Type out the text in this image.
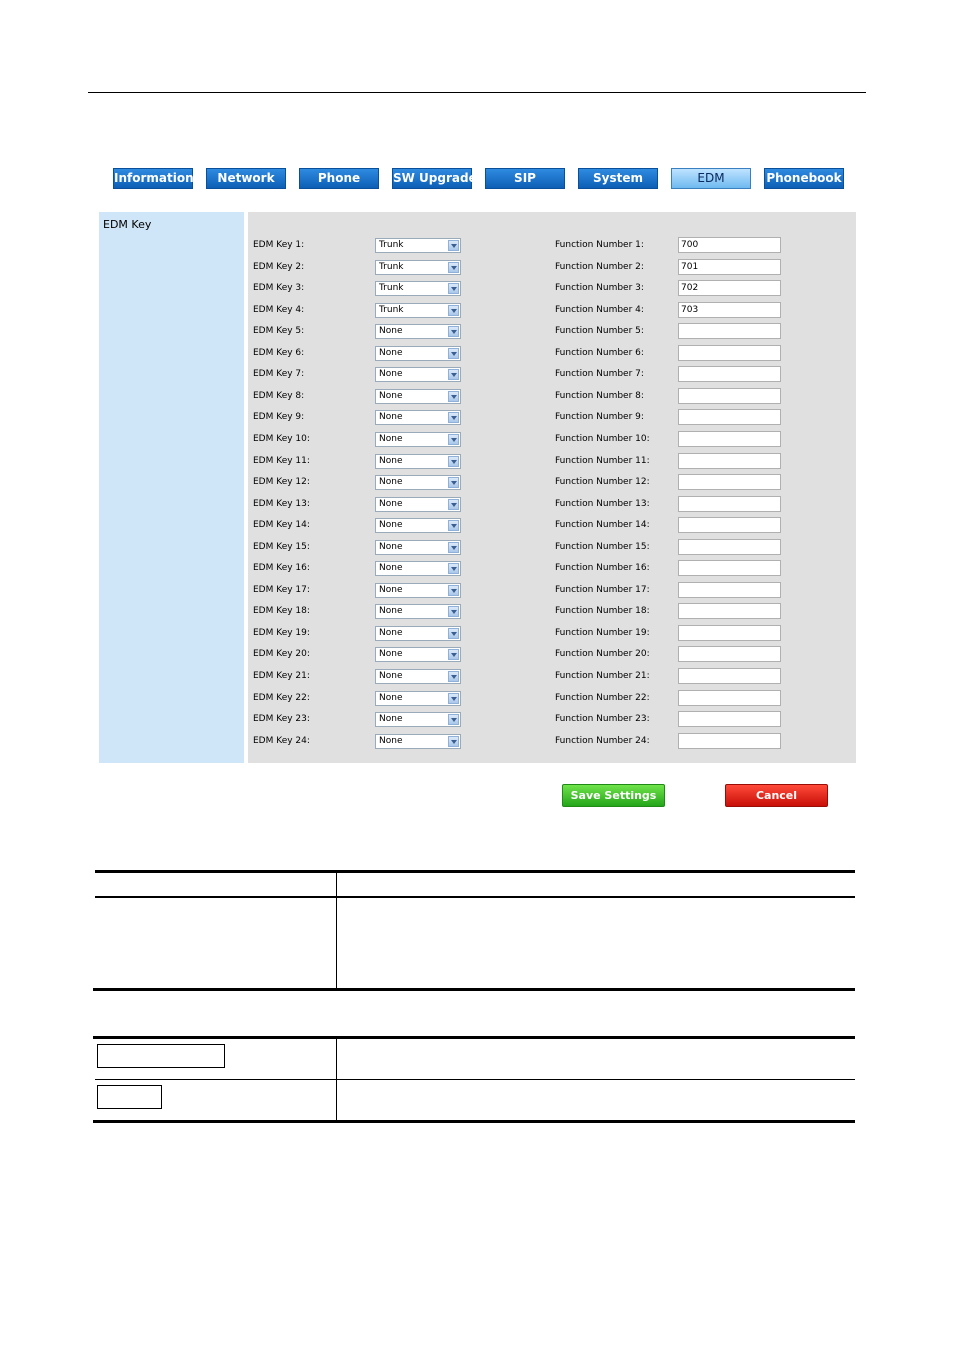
Information	Network	Phone	SW Upgrade	SIP	System	EDM	Phonebook
EDM Key
EDM Key 1:	Trunk	Function Number 1:
700
EDM Key 2:	Trunk	Function Number 2:
701
EDM Key 3:	Trunk	Function Number 3:
702
EDM Key 4:	Trunk	Function Number 4:
703
EDM Key 5:	None	Function Number 5:
EDM Key 6:	None	Function Number 6:
EDM Key 7:	None	Function Number 7:
EDM Key 8:	None	Function Number 8:
EDM Key 9:	None	Function Number 9:
EDM Key 10:	None	Function Number 10:
EDM Key 11:	None	Function Number 11:
EDM Key 12:	None	Function Number 12:
EDM Key 13:	None	Function Number 13:
EDM Key 14:	None	Function Number 14:
EDM Key 15:	None	Function Number 15:
EDM Key 16:	None	Function Number 16:
EDM Key 17:	None	Function Number 17:
EDM Key 18:	None	Function Number 18:
EDM Key 19:	None	Function Number 19:
EDM Key 20:	None	Function Number 20:
EDM Key 21:	None	Function Number 21:
EDM Key 22:	None	Function Number 22:
EDM Key 23:	None	Function Number 23:
EDM Key 24:	None	Function Number 24:
Save Settings	Cancel
